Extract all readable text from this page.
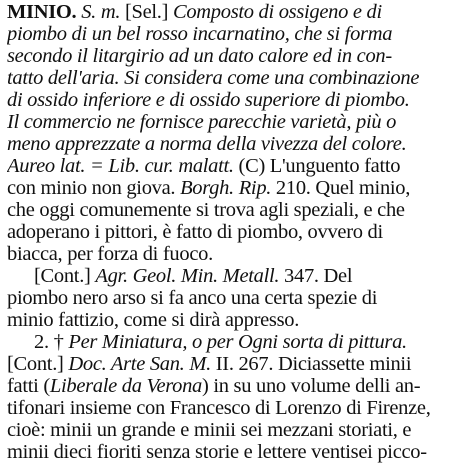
MINIO. S. m. [Sel.] Composto di ossigeno e di
piombo di un bel rosso incarnatino, che si forma
secondo il litargirio ad un dato calore ed in con-
tatto dell'aria. Si considera come una combinazione
di ossido inferiore e di ossido superiore di piombo.
Il commercio ne fornisce parecchie varietà, più o
meno apprezzate a norma della vivezza del colore.
Aureo lat. = Lib. cur. malatt. (C) L'unguento fatto
con minio non giova. Borgh. Rip. 210. Quel minio,
che oggi comunemente si trova agli speziali, e che
adoperano i pittori, è fatto di piombo, ovvero di
biacca, per forza di fuoco.
[Cont.] Agr. Geol. Min. Metall. 347. Del
piombo nero arso si fa anco una certa spezie di
minio fattizio, come si dirà appresso.
2. † Per Miniatura, o per Ogni sorta di pittura.
[Cont.] Doc. Arte San. M. II. 267. Diciassette minii
fatti (Liberale da Verona) in su uno volume delli an-
tifonari insieme con Francesco di Lorenzo di Firenze,
cioè: minii un grande e minii sei mezzani storiati, e
minii dieci fioriti senza storie e lettere ventisei picco-
